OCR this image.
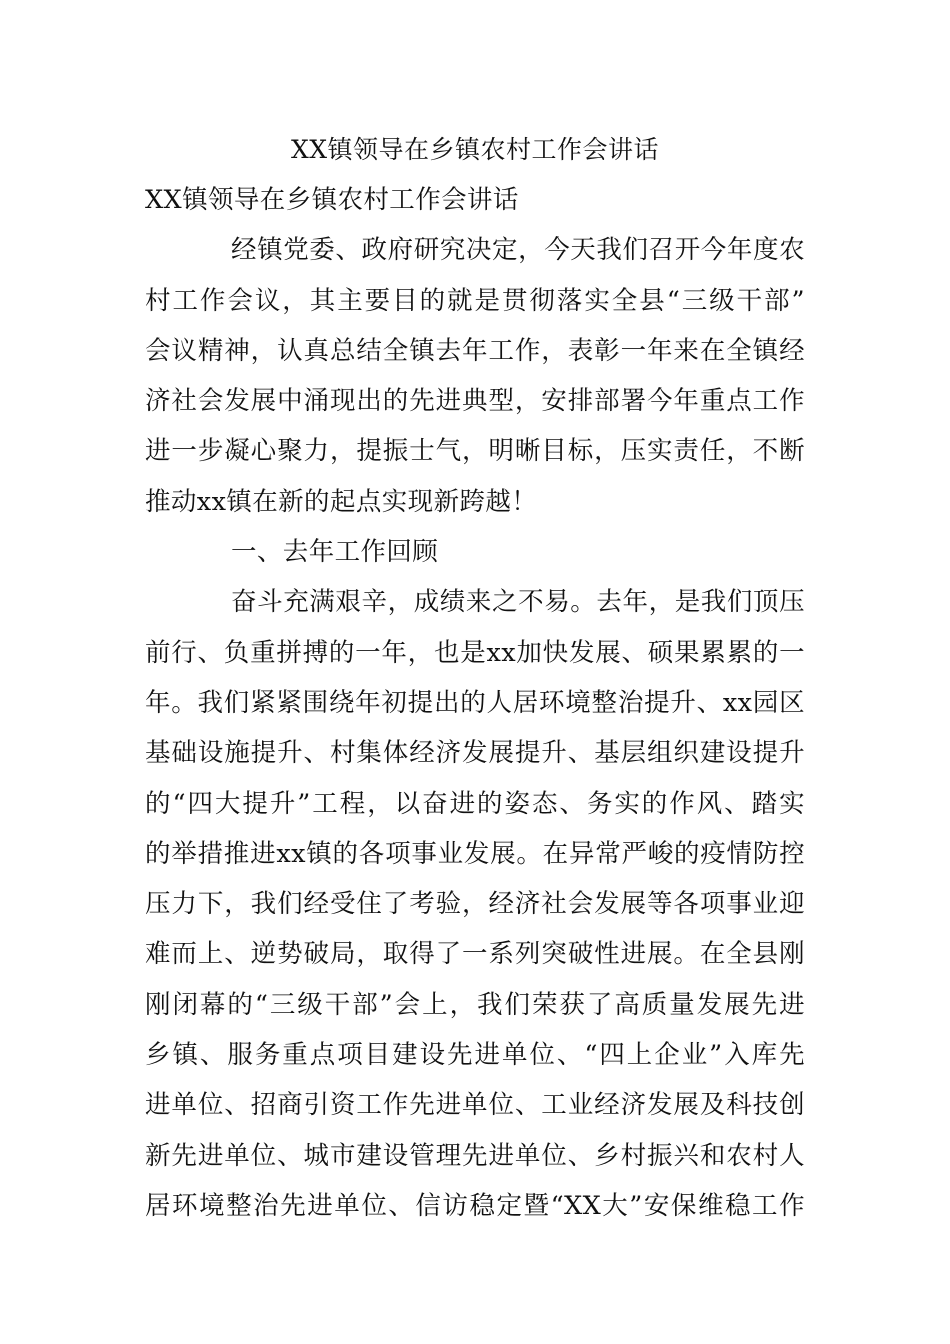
XX镇领导在乡镇农村工作会讲话
XX镇领导在乡镇农村工作会讲话
经镇党委、政府研究决定，今天我们召开今年度农
村工作会议，其主要目的就是贯彻落实全县“三级干部”
会议精神，认真总结全镇去年工作，表彰一年来在全镇经
济社会发展中涌现出的先进典型，安排部署今年重点工作
进一步凝心聚力，提振士气，明晰目标，压实责任，不断
推动xx镇在新的起点实现新跨越！
一、去年工作回顾
奋斗充满艰辛，成绩来之不易。去年，是我们顶压
前行、负重拼搏的一年，也是xx加快发展、硕果累累的一
年。我们紧紧围绕年初提出的人居环境整治提升、xx园区
基础设施提升、村集体经济发展提升、基层组织建设提升
的“四大提升”工程，以奋进的姿态、务实的作风、踏实
的举措推进xx镇的各项事业发展。在异常严峻的疫情防控
压力下，我们经受住了考验，经济社会发展等各项事业迎
难而上、逆势破局，取得了一系列突破性进展。在全县刚
刚闭幕的“三级干部”会上，我们荣获了高质量发展先进
乡镇、服务重点项目建设先进单位、“四上企业”入库先
进单位、招商引资工作先进单位、工业经济发展及科技创
新先进单位、城市建设管理先进单位、乡村振兴和农村人
居环境整治先进单位、信访稳定暨“XX大”安保维稳工作
